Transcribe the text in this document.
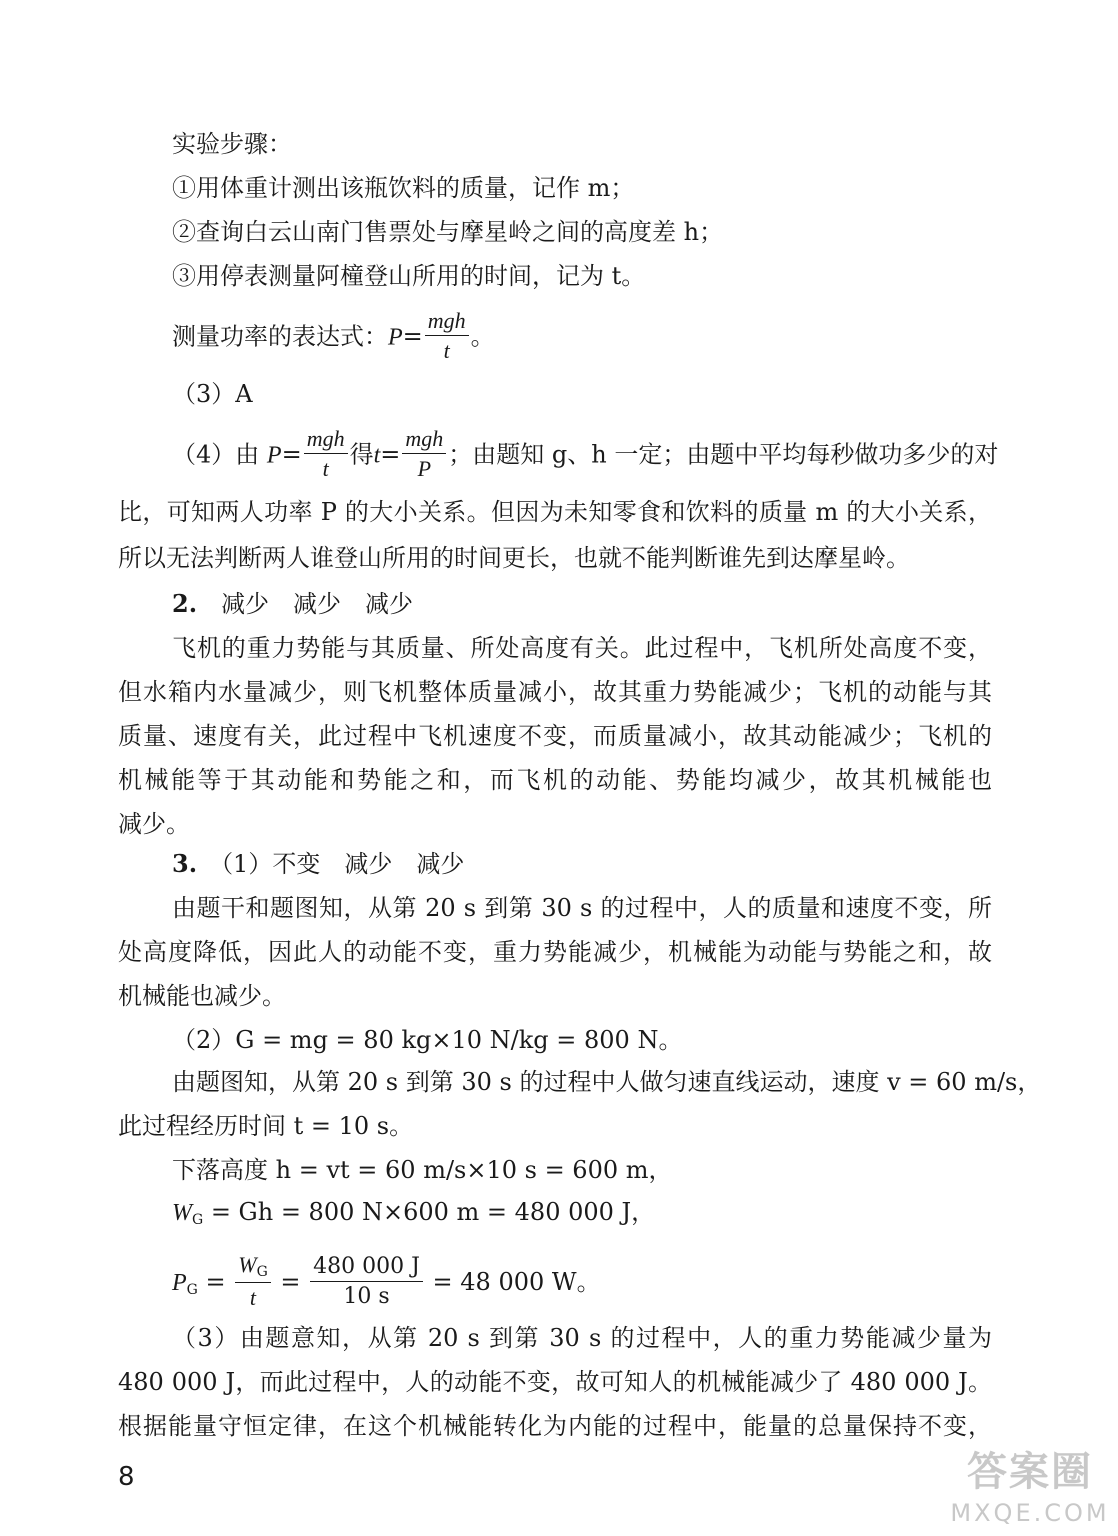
实验步骤：
①用体重计测出该瓶饮料的质量，记作 m；
②查询白云山南门售票处与摩星岭之间的高度差 h；
③用停表测量阿橦登山所用的时间，记为 t。
测量功率的表达式：$P= \frac{\text{mgh}}{t}$ 。
（3）A
（4）由 $P= \frac{\text{mgh}}{t}$ 得$t= \frac{\text{mgh}}{P}$ ；由题知 g、h 一定；由题中平均每秒做功多少的对
比，可知两人功率 P 的大小关系。但因为未知零食和饮料的质量 m 的大小关系，
所以无法判断两人谁登山所用的时间更长，也就不能判断谁先到达摩星岭。
2.　 减少　减少　减少
飞机的重力势能与其质量、所处高度有关。此过程中，飞机所处高度不变，
但水箱内水量减少，则飞机整体质量减小，故其重力势能减少；飞机的动能与其
质量、速度有关，此过程中飞机速度不变，而质量减小，故其动能减少；飞机的
机械能等于其动能和势能之和，而飞机的动能、势能均减少，故其机械能也
减少。
3.　 （1）不变　减少　减少
由题干和题图知，从第 20 s 到第 30 s 的过程中，人的质量和速度不变，所
处高度降低，因此人的动能不变，重力势能减少，机械能为动能与势能之和，故
机械能也减少。
（2）G = mg = 80 kg×10 N/kg = 800 N。
由题图知，从第 20 s 到第 30 s 的过程中人做匀速直线运动，速度 v = 60 m/s，
此过程经历时间 t = 10 s。
下落高度 h = vt = 60 m/s×10 s = 600 m，
$W_G = Gh = 800$ N×600 m = 480 000 J，
$P_G = \frac{W_G}{t} = \frac{480 000 J}{10 s} = 48$ 000 W。
（3）由题意知，从第 20 s 到第 30 s 的过程中，人的重力势能减少量为
480 000 J，而此过程中，人的动能不变，故可知人的机械能减少了 480 000 J。
根据能量守恒定律，在这个机械能转化为内能的过程中，能量的总量保持不变，
8	答案圈
MXQE.COM
